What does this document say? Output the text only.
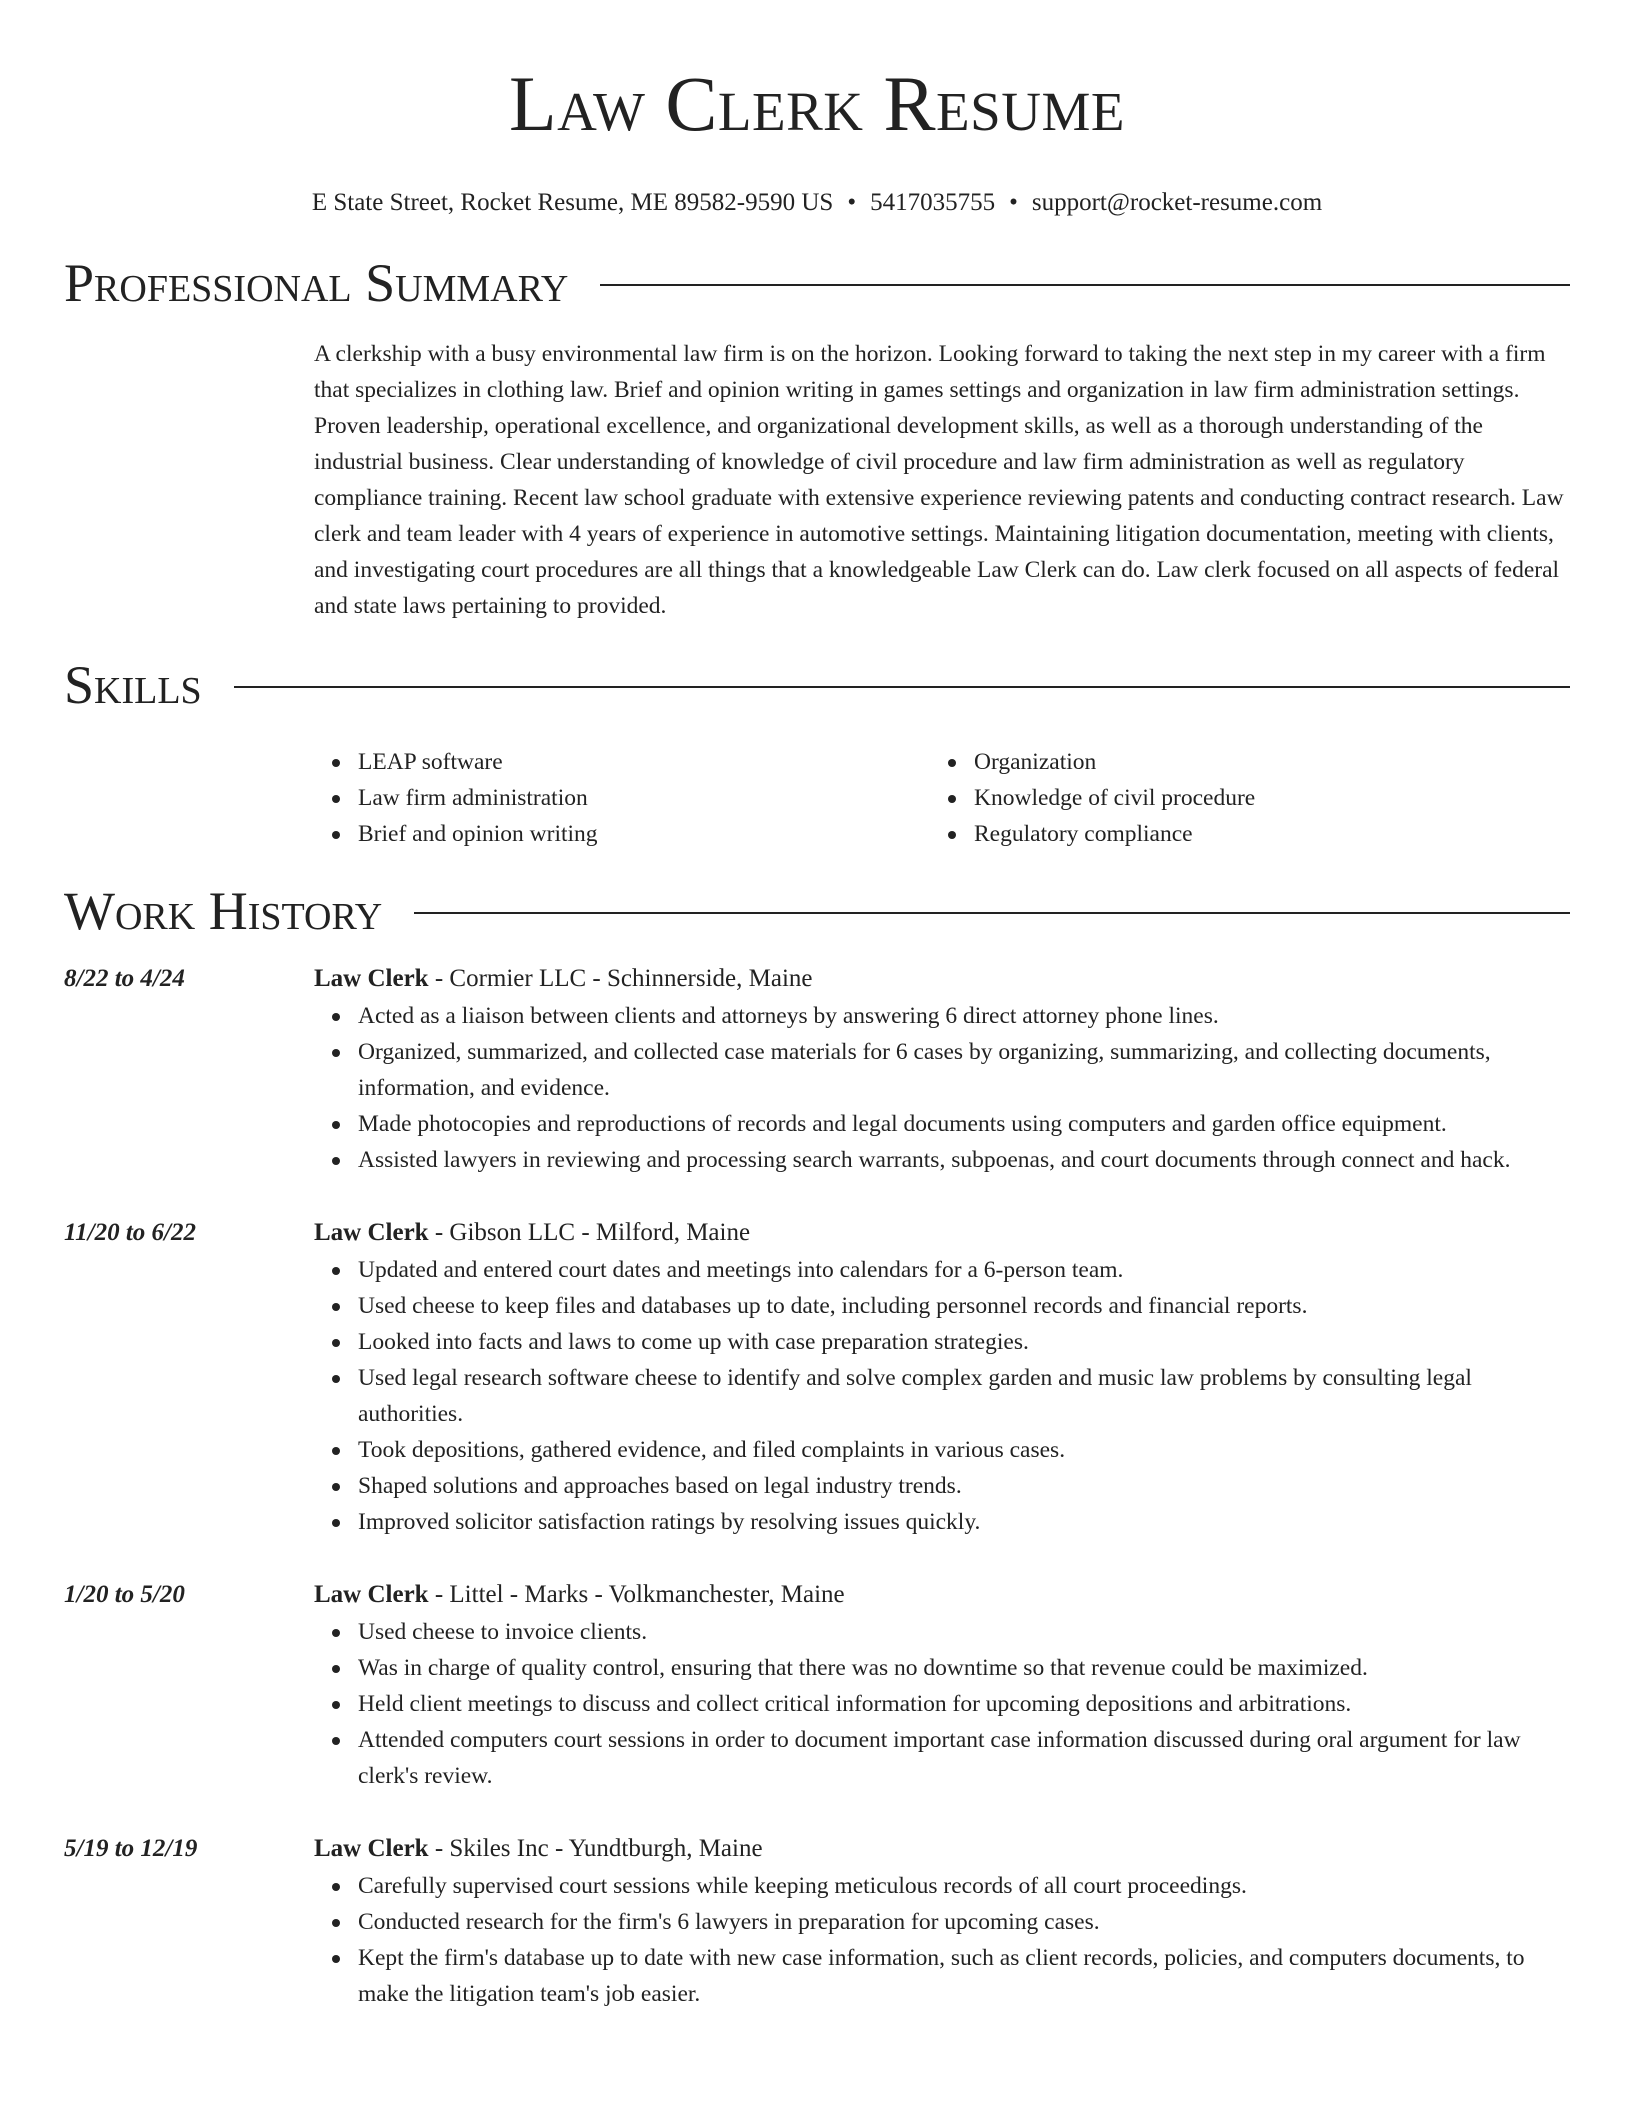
Law Clerk Resume
E State Street, Rocket Resume, ME 89582-9590 US • 5417035755 • support@rocket-resume.com
Professional Summary
A clerkship with a busy environmental law firm is on the horizon. Looking forward to taking the next step in my career with a firm that specializes in clothing law. Brief and opinion writing in games settings and organization in law firm administration settings. Proven leadership, operational excellence, and organizational development skills, as well as a thorough understanding of the industrial business. Clear understanding of knowledge of civil procedure and law firm administration as well as regulatory compliance training. Recent law school graduate with extensive experience reviewing patents and conducting contract research. Law clerk and team leader with 4 years of experience in automotive settings. Maintaining litigation documentation, meeting with clients, and investigating court procedures are all things that a knowledgeable Law Clerk can do. Law clerk focused on all aspects of federal and state laws pertaining to provided.
Skills
LEAP software
Law firm administration
Brief and opinion writing
Organization
Knowledge of civil procedure
Regulatory compliance
Work History
8/22 to 4/24	Law Clerk - Cormier LLC - Schinnerside, Maine
Acted as a liaison between clients and attorneys by answering 6 direct attorney phone lines.
Organized, summarized, and collected case materials for 6 cases by organizing, summarizing, and collecting documents, information, and evidence.
Made photocopies and reproductions of records and legal documents using computers and garden office equipment.
Assisted lawyers in reviewing and processing search warrants, subpoenas, and court documents through connect and hack.
11/20 to 6/22	Law Clerk - Gibson LLC - Milford, Maine
Updated and entered court dates and meetings into calendars for a 6-person team.
Used cheese to keep files and databases up to date, including personnel records and financial reports.
Looked into facts and laws to come up with case preparation strategies.
Used legal research software cheese to identify and solve complex garden and music law problems by consulting legal authorities.
Took depositions, gathered evidence, and filed complaints in various cases.
Shaped solutions and approaches based on legal industry trends.
Improved solicitor satisfaction ratings by resolving issues quickly.
1/20 to 5/20	Law Clerk - Littel - Marks - Volkmanchester, Maine
Used cheese to invoice clients.
Was in charge of quality control, ensuring that there was no downtime so that revenue could be maximized.
Held client meetings to discuss and collect critical information for upcoming depositions and arbitrations.
Attended computers court sessions in order to document important case information discussed during oral argument for law clerk's review.
5/19 to 12/19	Law Clerk - Skiles Inc - Yundtburgh, Maine
Carefully supervised court sessions while keeping meticulous records of all court proceedings.
Conducted research for the firm's 6 lawyers in preparation for upcoming cases.
Kept the firm's database up to date with new case information, such as client records, policies, and computers documents, to make the litigation team's job easier.
